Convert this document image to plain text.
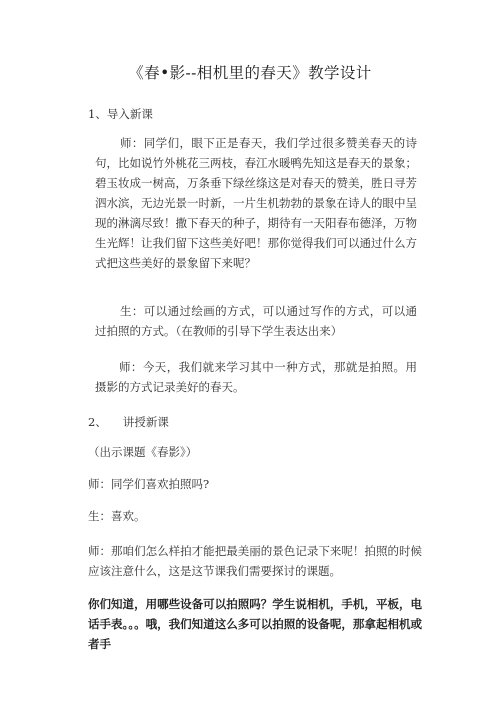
《春•影--相机里的春天》教学设计
1、导入新课

师：同学们，眼下正是春天，我们学过很多赞美春天的诗句，比如说竹外桃花三两枝，春江水暖鸭先知这是春天的景象；碧玉妆成一树高，万条垂下绿丝绦这是对春天的赞美，胜日寻芳泗水滨，无边光景一时新，一片生机勃勃的景象在诗人的眼中呈现的淋漓尽致！撒下春天的种子，期待有一天阳春布德泽，万物生光辉！让我们留下这些美好吧！那你觉得我们可以通过什么方式把这些美好的景象留下来呢？

生：可以通过绘画的方式，可以通过写作的方式，可以通过拍照的方式。（在教师的引导下学生表达出来）

师：今天，我们就来学习其中一种方式，那就是拍照。用摄影的方式记录美好的春天。

2、 讲授新课
（出示课题《春影》）
师：同学们喜欢拍照吗?
生：喜欢。

师：那咱们怎么样拍才能把最美丽的景色记录下来呢！拍照的时候应该注意什么，这是这节课我们需要探讨的课题。

你们知道，用哪些设备可以拍照吗？学生说相机，手机，平板，电话手表。。。哦，我们知道这么多可以拍照的设备呢，那拿起相机或者手
